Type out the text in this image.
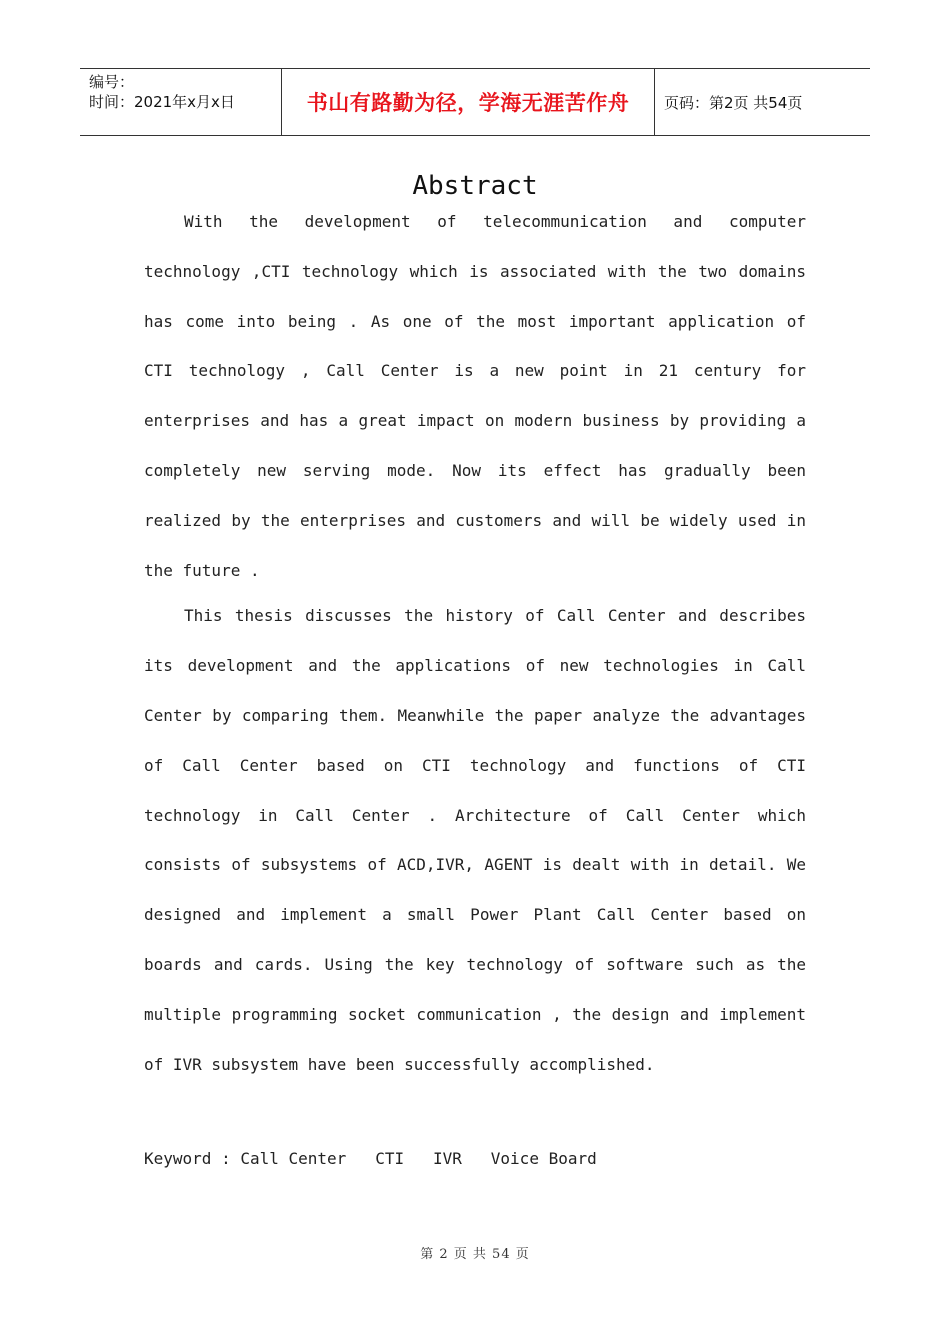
编号：
时间：2021年x月x日	书山有路勤为径，学海无涯苦作舟 页码：第2页 共54页
Abstract

With the development of telecommunication and computer technology ,CTI technology which is associated with the two domains has come into being . As one of the most important application of CTI technology , Call Center is a new point in 21 century for enterprises and has a great impact on modern business by providing a completely new serving mode. Now its effect has gradually been realized by the enterprises and customers and will be widely used in the future .

This thesis discusses the history of Call Center and describes its development and the applications of new technologies in Call Center by comparing them. Meanwhile the paper analyze the advantages of Call Center based on CTI technology and functions of CTI technology in Call Center . Architecture of Call Center which consists of subsystems of ACD,IVR, AGENT is dealt with in detail. We designed and implement a small Power Plant Call Center based on boards and cards. Using the key technology of software such as the multiple programming socket communication , the design and implement of IVR subsystem have been successfully accomplished.

Keyword : Call Center   CTI   IVR   Voice Board
第 2 页 共 54 页
